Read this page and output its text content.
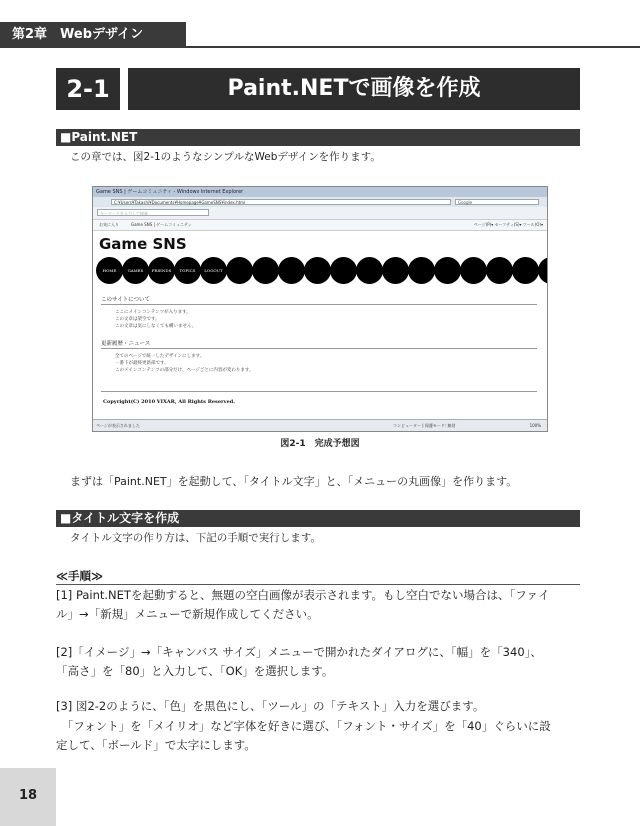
第2章　Webデザイン
2-1	Paint.NETで画像を作成
■Paint.NET
この章では、図2-1のようなシンプルなWebデザインを作ります。
Game SNS | ゲームコミュニティ - Windows Internet Explorer
C:¥Users¥Takashi¥Documents¥Homepage¥GameSNS¥index.html	Google
キーワードを入力して検索
お気に入り	Game SNS | ゲームコミュニティ	ページ(P)▾ セーフティ(S)▾ ツール(O)▾
Game SNS
HOME	GAMES	FRIENDS	TOPICS	LOGOUT
このサイトについて
ここにメインコンテンツが入ります。
この文章は架空です。
この文章は気にしなくても構いません。
更新履歴・ニュース
全てのページで統一したデザインにします。
一番下が最終更新部です。
このメインコンテンツの部分だけ、ページごとに内容が変わります。
Copyright(C) 2010 VIXAR, All Rights Reserved.
ページが表示されました	コンピューター | 保護モード: 無効	100%
図2-1　完成予想図
まずは「Paint.NET」を起動して、「タイトル文字」と、「メニューの丸画像」を作ります。
■タイトル文字を作成
タイトル文字の作り方は、下記の手順で実行します。
≪手順≫
[1] Paint.NETを起動すると、無題の空白画像が表示されます。もし空白でない場合は、「ファイ
ル」→「新規」メニューで新規作成してください。
[2]「イメージ」→「キャンバス サイズ」メニューで開かれたダイアログに、「幅」を「340」、
「高さ」を「80」と入力して、「OK」を選択します。
[3] 図2-2のように、「色」を黒色にし、「ツール」の「テキスト」入力を選びます。
　「フォント」を「メイリオ」など字体を好きに選び、「フォント・サイズ」を「40」ぐらいに設
定して、「ボールド」で太字にします。
18
